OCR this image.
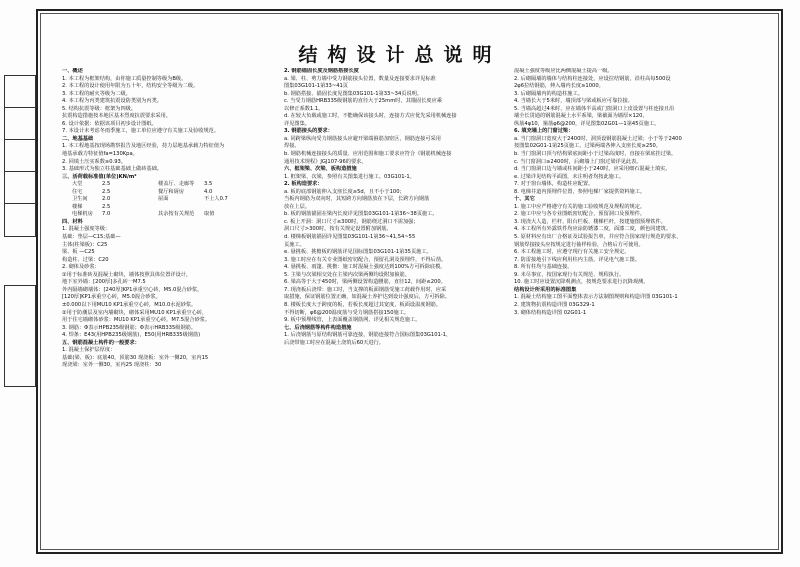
结构设计总说明

一、概述

1. 本工程为框架结构，由你施工质量控制等级为B级。

2. 本工程的设计使用年限为五十年，结构安全等级为二级。

3. 本工程的耐火等级为二级。

4. 本工程为丙类建筑抗震设防类别为丙类。

5. 结构抗震等级：框架为四级。

抗震构造措施按本地区基本烈度抗震要求采用。

6. 设计依据：依据该项目初步设计图纸。

7. 本设计未考虑冬雨季施工，施工单位应遵守有关施工及验收规范。

二、地基基础

1. 本工程地基按现场勘察报告及地区经验，持力层地基承载力特征值为

地基承载力特征值fa=130Kpa。

2. 回填土压实系数≥0.93。

3. 基础形式为独立柱基础基础上做砖基础。

三、活荷载标准值(单位)KN/m²

大堂	2.5	楼盖厅、走廊等	3.5
住宅	2.5	餐厅和厨房	4.0
卫生间	2.0	屋面	不上人0.7
楼梯	2.5
电梯机房	7.0	其余按有关规范	取值

四、材料

1. 混凝土强度等级：

基础：垫层—C15;基础—

主体(柱梁板)：C25

梁、板 —C25

构造柱、过梁：C20

2. 砌体及砂浆：

①用于标准砖及混凝土砌块，墙体按照具体位置详设计，

地下室外墙：[200厚]多孔砖一M7.5

外内隔墙砌墙体：[240厚]KP1承重空心砖，M5.0混合砂浆。

[120厚]KP1承重空心砖，M5.0混合砂浆。

±0.000以下用MU10 KP1承重空心砖，M10.0水泥砂浆。

②用于防潮层及室内墙砌块，砌体采用MU10 KP1承重空心砖，

用于住宅墙砌体砂浆：MU10 KP1承重空心砖，M7.5混合砂浆。

3. 钢筋：Φ表示HPB235级钢筋；Φ表示HRB335级钢筋。

4. 焊条：E43(用HPB235级钢筋)，E50(用HRB335级钢筋)

五、钢筋混凝土构件的一般要求：

1. 混凝土保护层厚度：

基础(梁、板)：底筋40，顶筋30 现浇板：室外一侧20，室内15

现浇梁：室外一侧30，室内25 现浇柱：30

2. 钢筋锚固长度及钢筋搭接长度

a. 梁、柱、剪力墙中受力钢筋接头位置，数量及连接要求详见标准

图集03G101-1第33~41页

b. 钢筋搭接、锚固长度见图集03G101-1第33~34页说明。

c. 当受力钢筋HRB335级钢筋的直径大于25mm时，其锚固长度应乘

以修正系数1.1。

d. 在较大负载或施工时，不能确保该接头时，连接方式应优先采用机械连接

详见图集。

3. 钢筋接头的要求：

a. 同跨梁纵向受力钢筋接头应避开梁端箍筋加密区，钢筋连接可采用

焊接。

b. 钢筋机械连接接头的质量、应用范围和施工要求应符合《钢筋机械连接

通用技术规程》JGJ107-96的要求。

六、框架梁、次梁、板构造措施

1. 框架梁、次梁，参照有关图集进行施工。03G101-1。

2. 板构造要求：

a. 板的底部钢筋伸入支座长度≥5d，且不小于100；

当板内钢筋为双向时，其短跨方向钢筋放在下层，长跨方向钢筋

放在上层。

b. 板的钢筋锚固在梁内长度详见图集03G101-1第36~38页施工。

c. 板上开洞：洞口尺寸≤300时，钢筋绕过洞口不需加强；

洞口尺寸>300时，按有关规定设置附加钢筋。

d. 楼梯板钢筋锚固详见图集03G101-1第36~41,54~55

页施工。

e. 悬挑板、挑檐板的钢筋详见国标图集03G101-1第35页施工。

3. 施工时应在有关专业图纸密切配合，预留孔洞及预埋件，不得后凿。

4. 悬挑板、雨篷、挑檐：施工时混凝土强度达到100%方可拆除底模。

5. 主梁与次梁相交处在主梁内次梁两侧均设附加箍筋。

6. 梁高等于大于450时，梁两侧设置构造腰筋，直径12，间距≤200。

7. 现浇板后浇带：施工时，当支撑的板面钢筋受施工荷载作用时，应采

取措施，保证钢筋位置正确，如混凝土养护达到设计强度后，方可拆除。

8. 楼板长度大于跨度的板，若板长度超过其宽度，板面设温度钢筋。

不得切断，φ6@200温度筋与受力钢筋搭接150施工。

9. 板中预埋线管，上表面覆盖钢筋网，详见相关规范施工。

七、后浇钢筋等构件构造措施

1. 后浇钢筋与原结构钢筋可靠连接，钢筋连接符合国标图集03G101-1，

后浇带施工时应在混凝土浇筑后60天进行。

混凝土强度等级应比两侧混凝土提高一级。

2. 后砌隔墙的墙体与结构柱连接处，应设拉结钢筋，沿柱高每500设

2φ6拉结钢筋，伸入墙内长度≥1000。

3. 后砌隔墙内的构造柱施工。

4. 当墙长大于5米时，墙顶部与梁或板应可靠拉接。

5. 当墙高超过4米时，应在墙体半高或门窗洞口上皮设置与柱连接且沿

墙全长贯通的钢筋混凝土水平系梁，梁截面为墙厚×120，

纵筋4φ10，箍筋φ6@200，详见图集02G01—1第45页施工。

6. 填充墙上的门窗过梁：

a. 当门窗洞口宽度大于2400时，洞顶设钢筋混凝土过梁；小于等于2400

按图集02G01-1第25页施工，过梁两端各伸入支座长度≥250。

b. 当门窗洞口顶与结构梁底间距小于过梁高度时，直接在梁底挂过梁。

c. 当门窗洞口≥2400时，后砌墙上门窗过梁详见此表。

d. 当门窗洞口边与墙或柱间距小于240时，应采用细石混凝土填实。

e. 过梁详见结构平面图，未注明者均按此施工。

7. 对于窗台墙体，构造柱应配置。

8. 电梯井道内预埋件位置，参照电梯厂家提供资料施工。

十、其它

1. 施工中应严格遵守有关的施工验收规范及规程的规定。

2. 施工中应与各专业图纸密切配合，预留洞口及预埋件。

3. 现浇大人造、栏杆、阳台栏板、楼梯栏杆，按建施图预埋铁件。

4. 本工程所有外露铁件均应涂防锈漆二度，面漆二度，颜色同建筑。

5. 原材料应有出厂合格证及试验报告单，并应符合国家现行规范的要求，

钢筋焊接接头应按规定进行抽样检验，合格后方可使用。

6. 本工程施工时，应遵守现行有关施工安全规定。

7. 防雷接地引下线应利用柱内主筋，详见电气施工图。

8. 所有柱均与基础连接。

9. 未尽事宜，按国家现行有关规范、规程执行。

10. 施工时应设置沉降观测点，按规范要求进行沉降观测。

结构设计所采用的标准图集

1. 混凝土结构施工图平面整体表示方法制图规则和构造详图 03G101-1

2. 建筑物抗震构造详图 03G329-1

3. 砌体结构构造详图 02G01-1
